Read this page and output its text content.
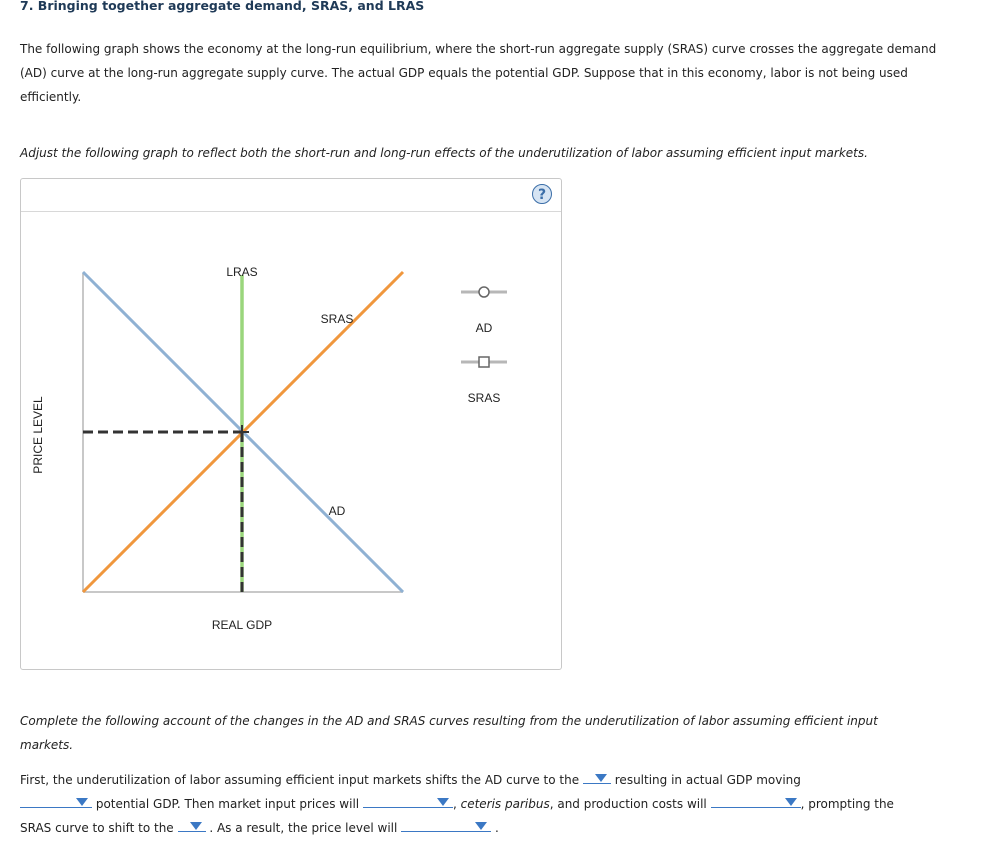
7. Bringing together aggregate demand, SRAS, and LRAS
The following graph shows the economy at the long-run equilibrium, where the short-run aggregate supply (SRAS) curve crosses the aggregate demand (AD) curve at the long-run aggregate supply curve. The actual GDP equals the potential GDP. Suppose that in this economy, labor is not being used efficiently.
Adjust the following graph to reflect both the short-run and long-run effects of the underutilization of labor assuming efficient input markets.
?
LRAS
SRAS
AD
PRICE LEVEL
REAL GDP
AD
SRAS
Complete the following account of the changes in the AD and SRAS curves resulting from the underutilization of labor assuming efficient input markets.
First, the underutilization of labor assuming efficient input markets shifts the AD curve to the	resulting in actual GDP moving

potential GDP. Then market input prices will	, ceteris paribus, and production costs will	, prompting the
SRAS curve to shift to the	. As a result, the price level will	.
